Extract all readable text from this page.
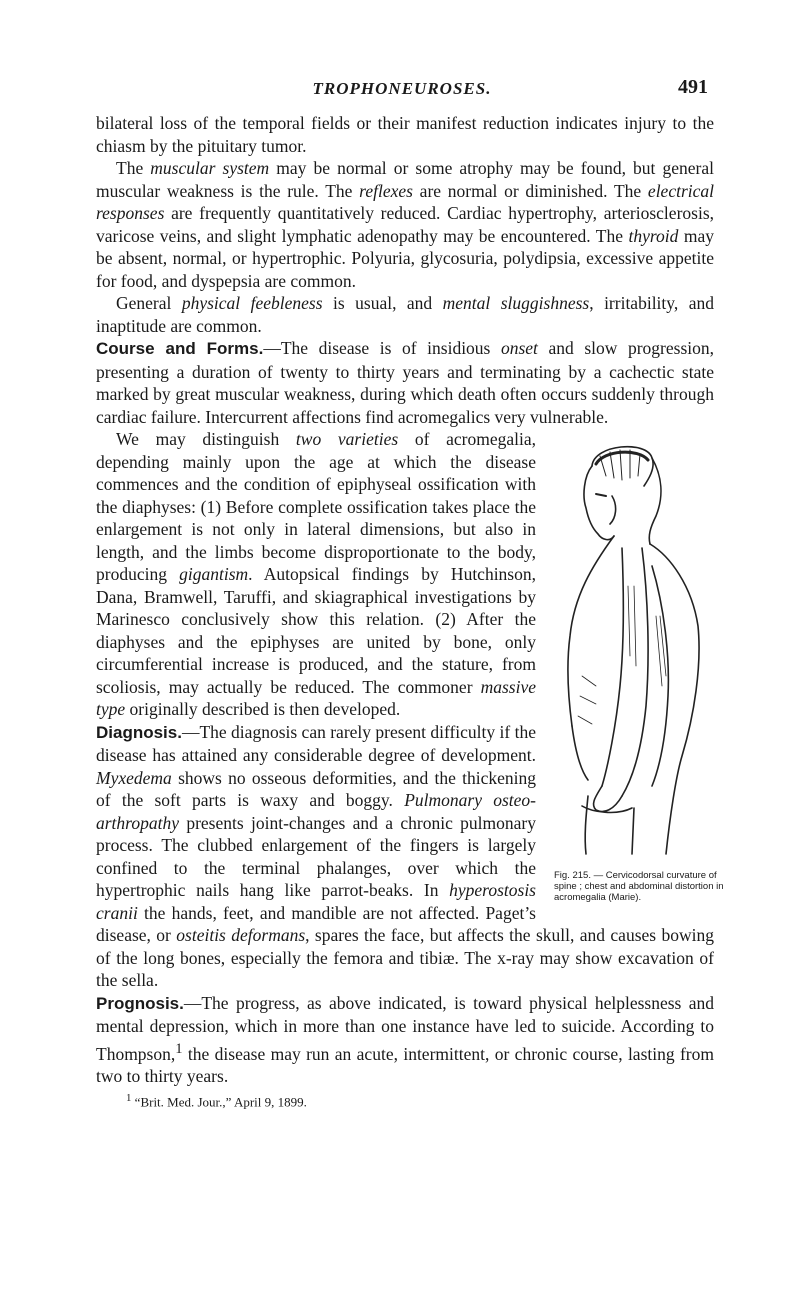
TROPHONEUROSES.	491

bilateral loss of the temporal fields or their manifest reduction indicates injury to the chiasm by the pituitary tumor.

The muscular system may be normal or some atrophy may be found, but general muscular weakness is the rule. The reflexes are normal or diminished. The electrical responses are frequently quantitatively reduced. Cardiac hypertrophy, arteriosclerosis, varicose veins, and slight lymphatic adenopathy may be encountered. The thyroid may be absent, normal, or hypertrophic. Polyuria, glycosuria, polydipsia, excessive appetite for food, and dyspepsia are common.

General physical feebleness is usual, and mental sluggishness, irritability, and inaptitude are common.

Course and Forms.—The disease is of insidious onset and slow progression, presenting a duration of twenty to thirty years and terminating by a cachectic state marked by great muscular weakness, during which death often occurs suddenly through cardiac failure. Intercurrent affections find acromegalics very vulnerable.

Fig. 215. — Cervicodorsal curvature of spine ; chest and abdominal distortion in acromegalia (Marie).

We may distinguish two varieties of acromegalia, depending mainly upon the age at which the disease commences and the condition of epiphyseal ossification with the diaphyses: (1) Before complete ossification takes place the enlargement is not only in lateral dimensions, but also in length, and the limbs become disproportionate to the body, producing gigantism. Autopsical findings by Hutchinson, Dana, Bramwell, Taruffi, and skiagraphical investigations by Marinesco conclusively show this relation. (2) After the diaphyses and the epiphyses are united by bone, only circumferential increase is produced, and the stature, from scoliosis, may actually be reduced. The commoner massive type originally described is then developed.

Diagnosis.—The diagnosis can rarely present difficulty if the disease has attained any considerable degree of development. Myxedema shows no osseous deformities, and the thickening of the soft parts is waxy and boggy. Pulmonary osteo-arthropathy presents joint-changes and a chronic pulmonary process. The clubbed enlargement of the fingers is largely confined to the terminal phalanges, over which the hypertrophic nails hang like parrot-beaks. In hyperostosis cranii the hands, feet, and mandible are not affected. Paget’s disease, or osteitis deformans, spares the face, but affects the skull, and causes bowing of the long bones, especially the femora and tibiæ. The x-ray may show excavation of the sella.

Prognosis.—The progress, as above indicated, is toward physical helplessness and mental depression, which in more than one instance have led to suicide. According to Thompson,$^1$ the disease may run an acute, intermittent, or chronic course, lasting from two to thirty years.

$^1$ “Brit. Med. Jour.,” April 9, 1899.
